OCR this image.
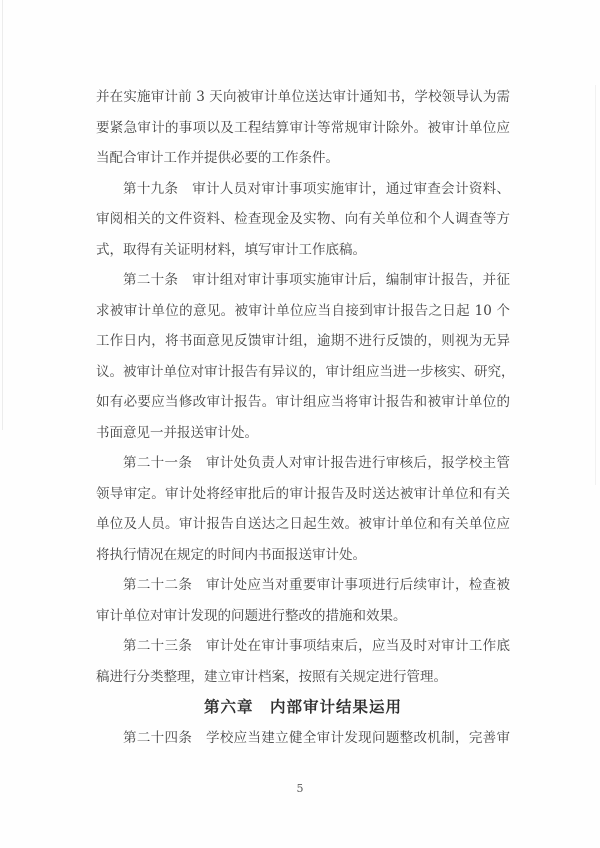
并在实施审计前 3 天向被审计单位送达审计通知书，学校领导认为需
要紧急审计的事项以及工程结算审计等常规审计除外。被审计单位应
当配合审计工作并提供必要的工作条件。

第十九条　审计人员对审计事项实施审计，通过审查会计资料、
审阅相关的文件资料、检查现金及实物、向有关单位和个人调查等方
式，取得有关证明材料，填写审计工作底稿。

第二十条　审计组对审计事项实施审计后，编制审计报告，并征
求被审计单位的意见。被审计单位应当自接到审计报告之日起 10 个
工作日内，将书面意见反馈审计组，逾期不进行反馈的，则视为无异
议。被审计单位对审计报告有异议的，审计组应当进一步核实、研究，
如有必要应当修改审计报告。审计组应当将审计报告和被审计单位的
书面意见一并报送审计处。

第二十一条　审计处负责人对审计报告进行审核后，报学校主管
领导审定。审计处将经审批后的审计报告及时送达被审计单位和有关
单位及人员。审计报告自送达之日起生效。被审计单位和有关单位应
将执行情况在规定的时间内书面报送审计处。

第二十二条　审计处应当对重要审计事项进行后续审计，检查被
审计单位对审计发现的问题进行整改的措施和效果。

第二十三条　审计处在审计事项结束后，应当及时对审计工作底
稿进行分类整理，建立审计档案，按照有关规定进行管理。

第六章　内部审计结果运用

第二十四条　学校应当建立健全审计发现问题整改机制，完善审

5
